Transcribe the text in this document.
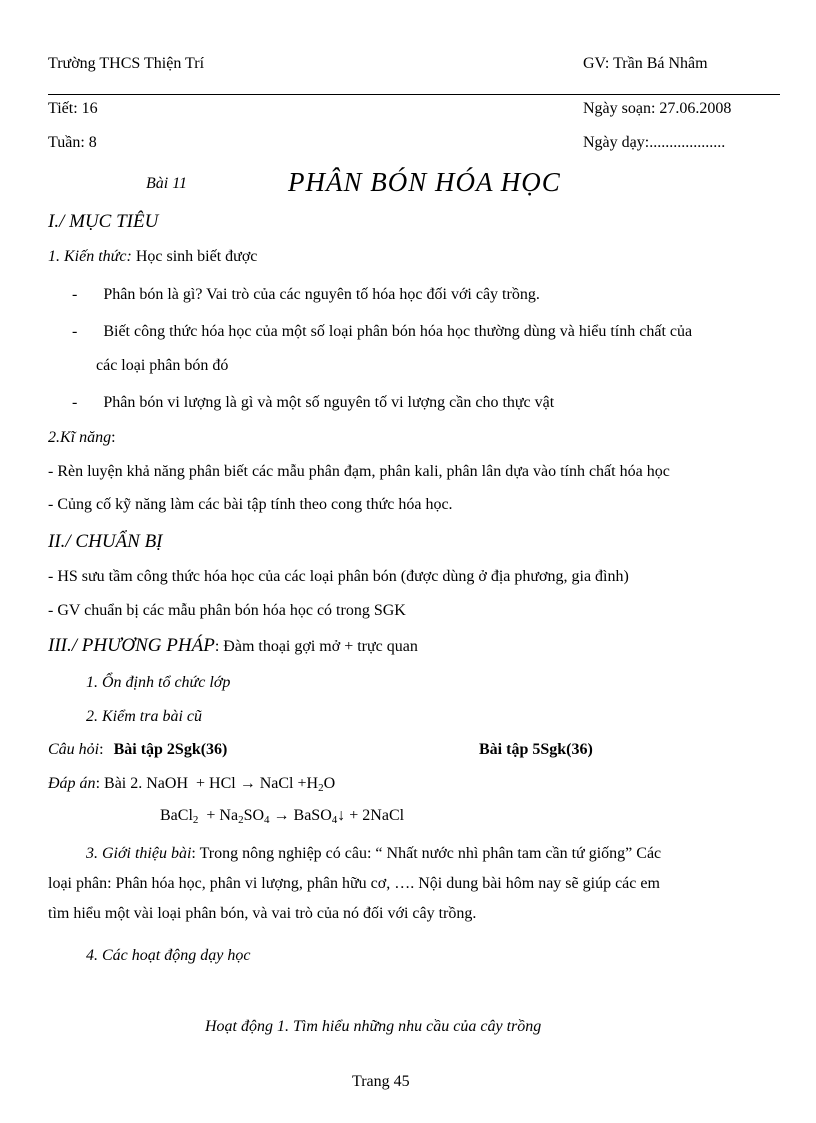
Trường THCS Thiện Trí	GV: Trần Bá Nhâm
Tiết: 16	Ngày soạn: 27.06.2008
Tuần: 8	Ngày dạy:...................
Bài 11	PHÂN BÓN HÓA HỌC
I./ MỤC TIÊU
1. Kiến thức: Học sinh biết được
- Phân bón là gì? Vai trò của các nguyên tố hóa học đối với cây trồng.
- Biết công thức hóa học của một số loại phân bón hóa học thường dùng và hiểu tính chất của
các loại phân bón đó
- Phân bón vi lượng là gì và một số nguyên tố vi lượng cần cho thực vật
2.Kĩ năng:
- Rèn luyện khả năng phân biết các mẫu phân đạm, phân kali, phân lân dựa vào tính chất hóa học
- Củng cố kỹ năng làm các bài tập tính theo cong thức hóa học.
II./ CHUẨN BỊ
- HS sưu tầm công thức hóa học của các loại phân bón (được dùng ở địa phương, gia đình)
- GV chuẩn bị các mẫu phân bón hóa học có trong SGK
III./ PHƯƠNG PHÁP: Đàm thoại gợi mở + trực quan
1. Ổn định tổ chức lớp
2. Kiểm tra bài cũ
Câu hỏi: Bài tập 2Sgk(36)	Bài tập 5Sgk(36)
Đáp án: Bài 2. NaOH + HCl → NaCl $+H_2O$
BaCl$_2$ + $Na_2SO_4$ → BaSO$_4$↓ + 2NaCl
3. Giới thiệu bài: Trong nông nghiệp có câu: “ Nhất nước nhì phân tam cần tứ giống” Các
loại phân: Phân hóa học, phân vi lượng, phân hữu cơ, …. Nội dung bài hôm nay sẽ giúp các em
tìm hiểu một vài loại phân bón, và vai trò của nó đối với cây trồng.
4. Các hoạt động dạy học
Hoạt động 1. Tìm hiểu những nhu cầu của cây trồng
Trang 45
